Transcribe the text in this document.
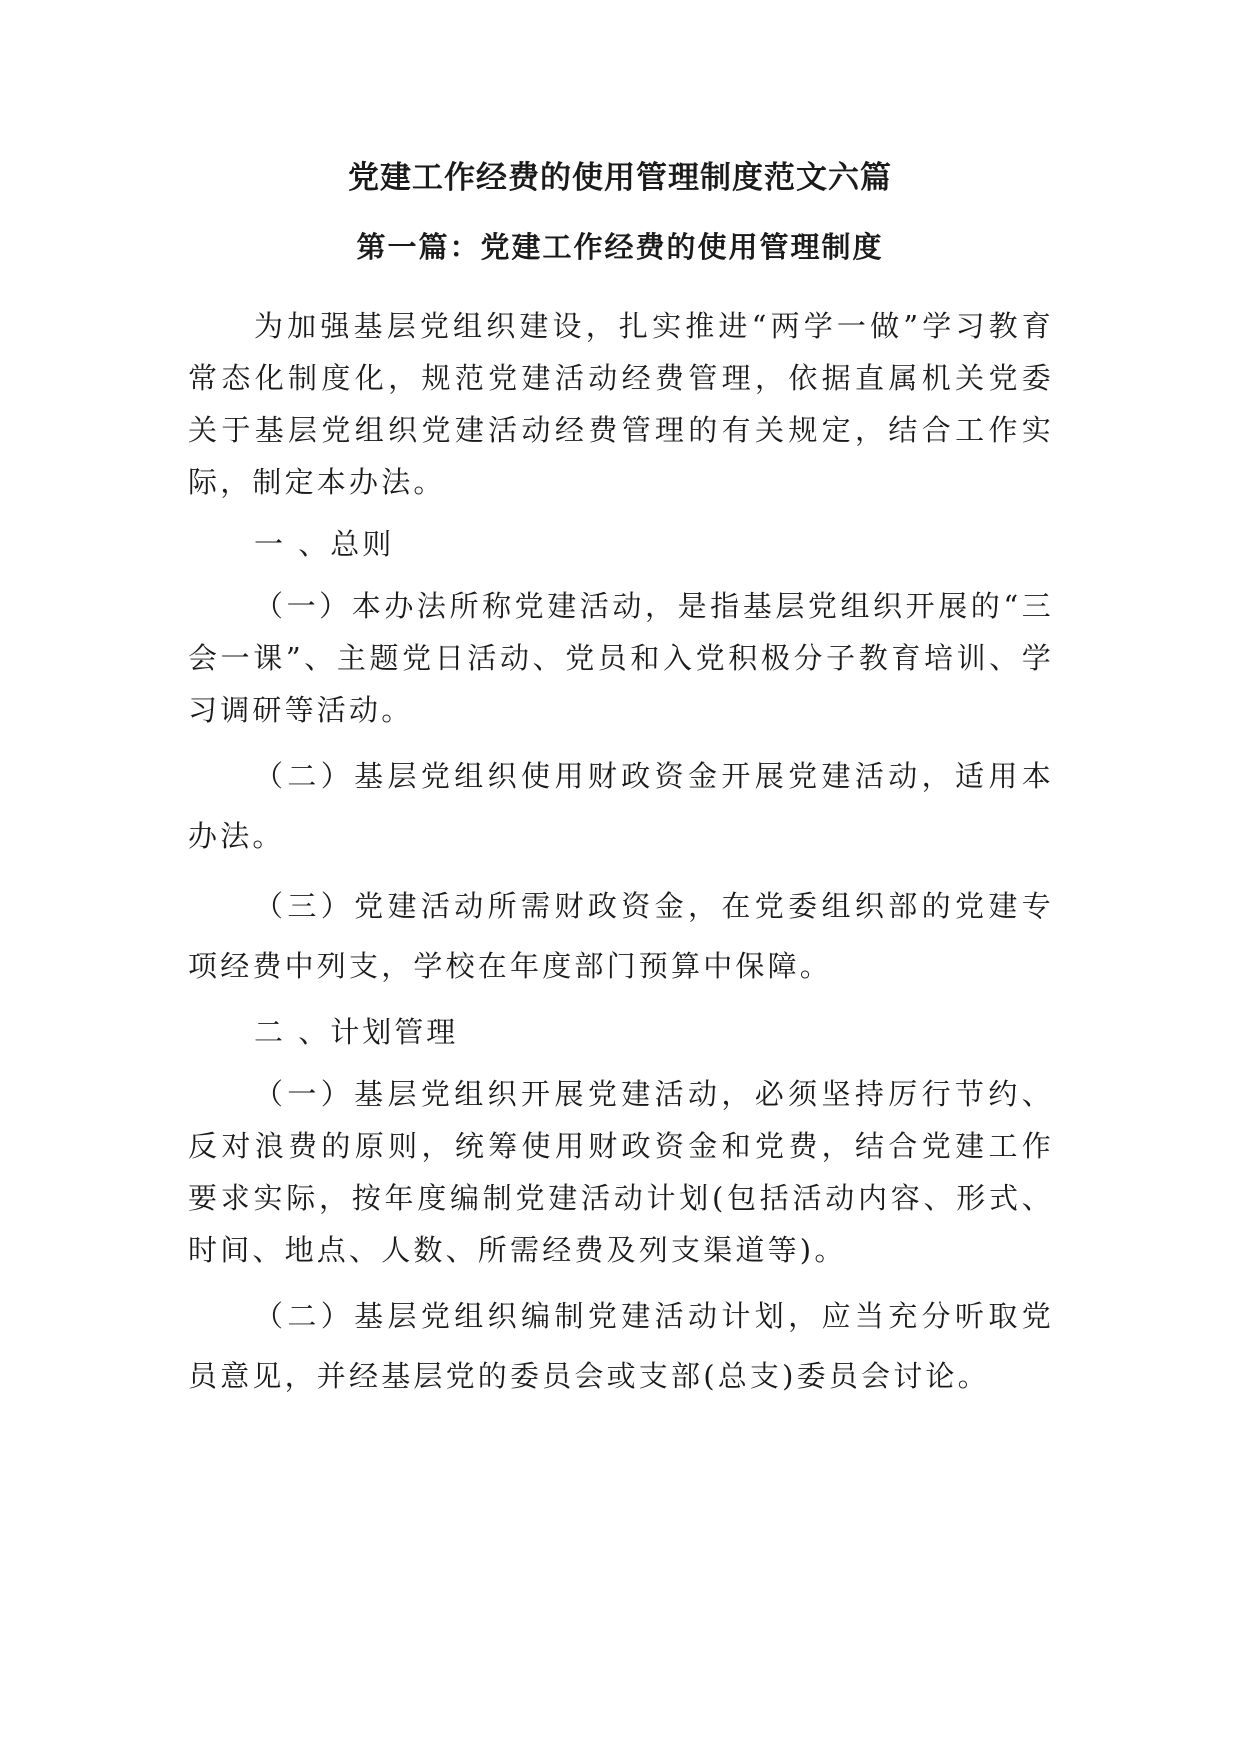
党建工作经费的使用管理制度范文六篇
第一篇：党建工作经费的使用管理制度

为加强基层党组织建设，扎实推进“两学一做”学习教育常态化制度化，规范党建活动经费管理，依据直属机关党委关于基层党组织党建活动经费管理的有关规定，结合工作实际，制定本办法。

一 、总则

（一）本办法所称党建活动，是指基层党组织开展的“三会一课”、主题党日活动、党员和入党积极分子教育培训、学习调研等活动。

（二）基层党组织使用财政资金开展党建活动，适用本办法。

（三）党建活动所需财政资金，在党委组织部的党建专项经费中列支，学校在年度部门预算中保障。

二 、计划管理

（一）基层党组织开展党建活动，必须坚持厉行节约、反对浪费的原则，统筹使用财政资金和党费，结合党建工作要求实际，按年度编制党建活动计划(包括活动内容、形式、时间、地点、人数、所需经费及列支渠道等)。

（二）基层党组织编制党建活动计划，应当充分听取党员意见，并经基层党的委员会或支部(总支)委员会讨论。
